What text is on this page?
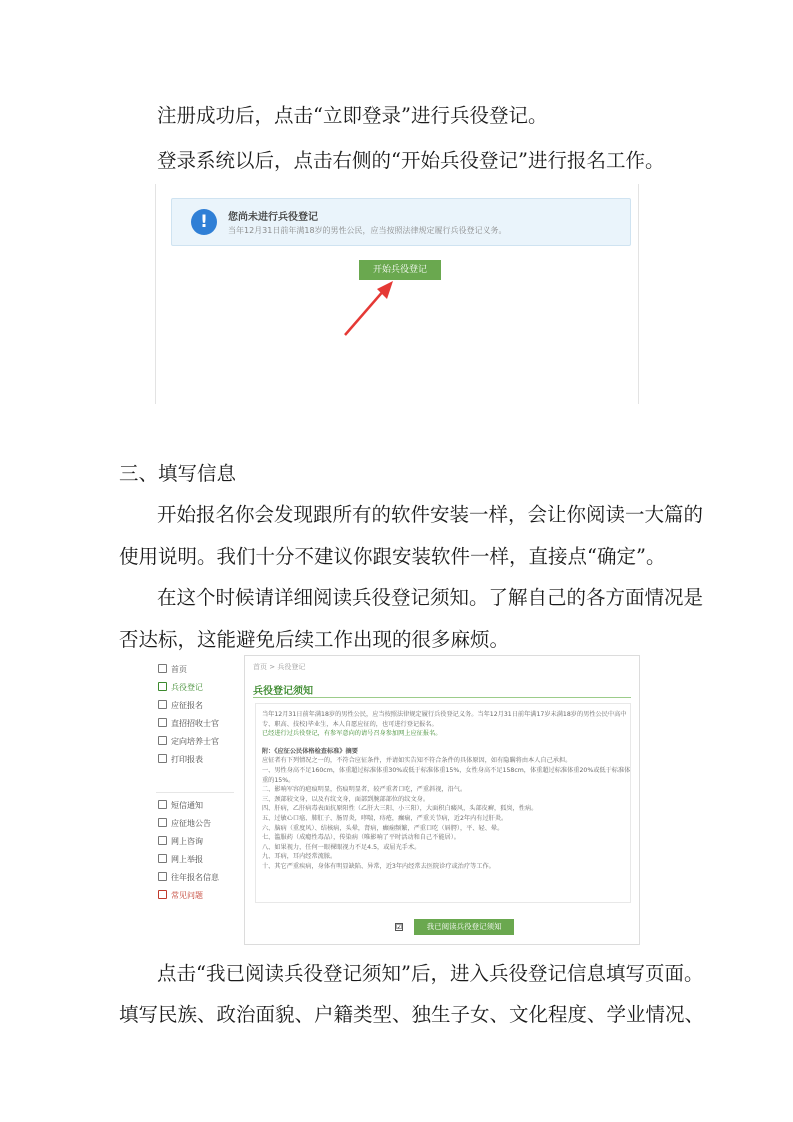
注册成功后，点击“立即登录”进行兵役登记。
登录系统以后，点击右侧的“开始兵役登记”进行报名工作。
!	您尚未进行兵役登记
当年12月31日前年满18岁的男性公民，应当按照法律规定履行兵役登记义务。
开始兵役登记
三、填写信息
开始报名你会发现跟所有的软件安装一样，会让你阅读一大篇的
使用说明。我们十分不建议你跟安装软件一样，直接点“确定”。
在这个时候请详细阅读兵役登记须知。了解自己的各方面情况是
否达标，这能避免后续工作出现的很多麻烦。
首页
兵役登记
应征报名
直招招收士官
定向培养士官
打印报表
短信通知
应征地公告
网上咨询
网上举报
往年报名信息
常见问题
首页 > 兵役登记
兵役登记须知

当年12月31日前年满18岁的男性公民，应当按照法律规定履行兵役登记义务。当年12月31日前年满17岁未满18岁的男性公民中高中

专、职高、技校)毕业生，本人自愿应征的，也可进行登记报名。

已经进行过兵役登记，有参军意向的请号召身参加网上应征报名。

附：《应征公民体格检查标准》摘要

应征者有下列情况之一的，不符合应征条件，并请如实告知不符合条件的具体原因，如有隐瞒将由本人自己承担。

一、男性身高不足160cm，体重超过标准体重30%或低于标准体重15%，女性身高不足158cm，体重超过标准体重20%或低于标准体

重的15%。

二、影响军容的疤痕明显，伤痕明显者，较严重者口吃，严重斜视，沿气。

三、颈部较文身，以及有纹文身，面部到腕部部位的纹文身。

四、肝病，乙肝病毒表面抗原阳性（乙肝大三阳、小三阳），大面积白癜风，头部皮癣，狐臭，性病。

五、过敏心口癌、肺肛子、肠胃炎，哮喘，痔疮，癫痫，严重关节病，近2年内有过肝炎。

六、脑病（重度风）、结核病，头晕，肾病，癫痫频繁，严重口吃（唇腭），平、轻、晕。

七、滥服药（成瘾性毒品），传染病（唯影响了平时活动和自己不能居）。

八、如果视力，任何一眼裸眼视力不足4.5，或屈光手术。

九、耳病，耳内经常流脓。

十、其它严重疾病，身体有明显缺陷、异常，近3年内经常去医院诊疗或治疗等工作。

☑	我已阅读兵役登记须知
点击“我已阅读兵役登记须知”后，进入兵役登记信息填写页面。
填写民族、政治面貌、户籍类型、独生子女、文化程度、学业情况、
